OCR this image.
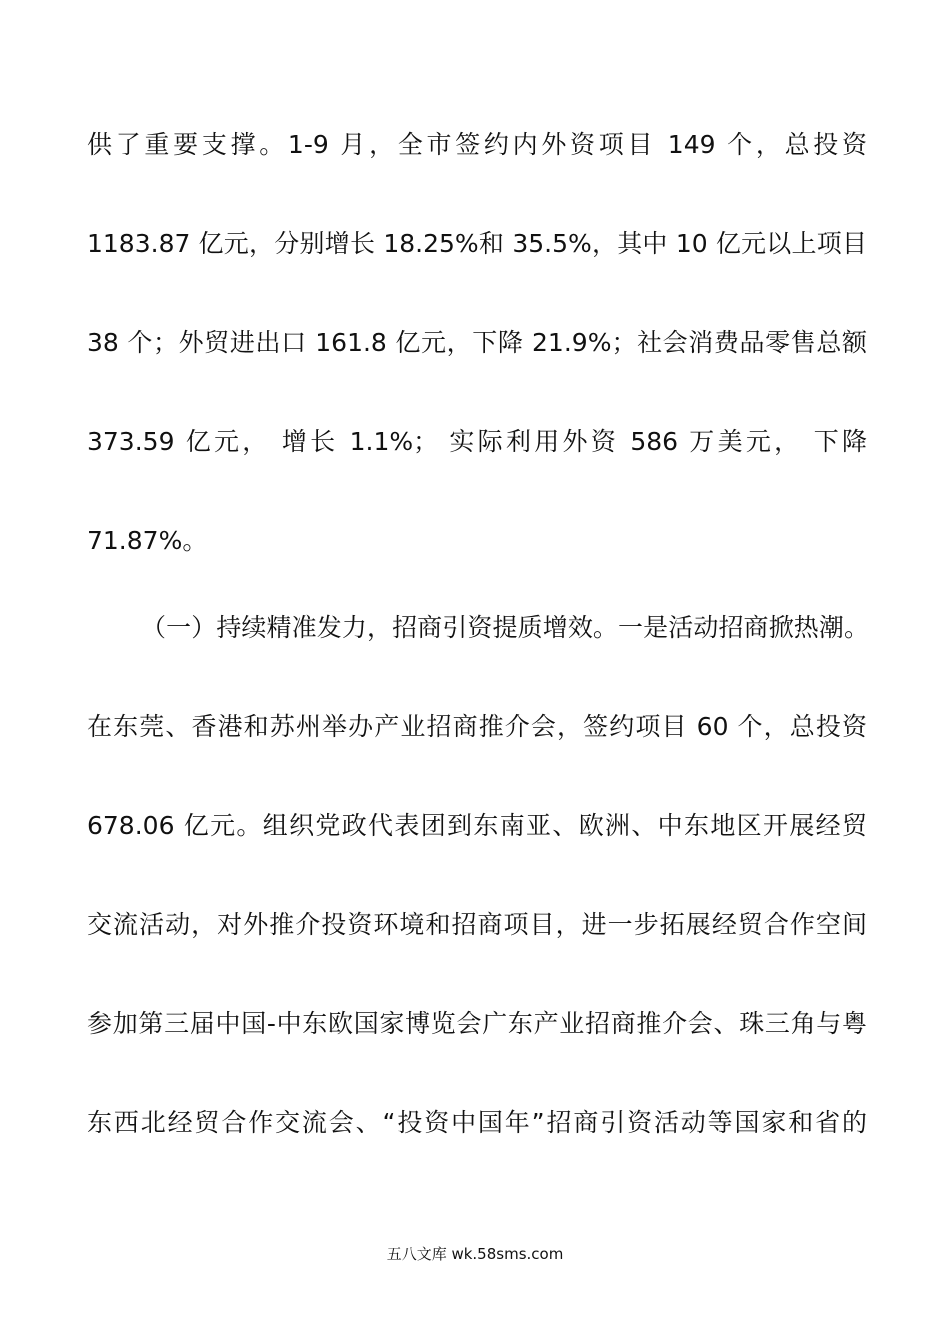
供了重要支撑。1-9 月，全市签约内外资项目 149 个，总投资
1183.87 亿元，分别增长 18.25%和 35.5%，其中 10 亿元以上项目
38 个；外贸进出口 161.8 亿元，下降 21.9%；社会消费品零售总额
373.59 亿元， 增长 1.1%； 实际利用外资 586 万美元， 下降
71.87%。
（一）持续精准发力，招商引资提质增效。一是活动招商掀热潮。
在东莞、香港和苏州举办产业招商推介会，签约项目 60 个，总投资
678.06 亿元。组织党政代表团到东南亚、欧洲、中东地区开展经贸
交流活动，对外推介投资环境和招商项目，进一步拓展经贸合作空间
参加第三届中国-中东欧国家博览会广东产业招商推介会、珠三角与粤
东西北经贸合作交流会、“投资中国年”招商引资活动等国家和省的
五八文库 wk.58sms.com
